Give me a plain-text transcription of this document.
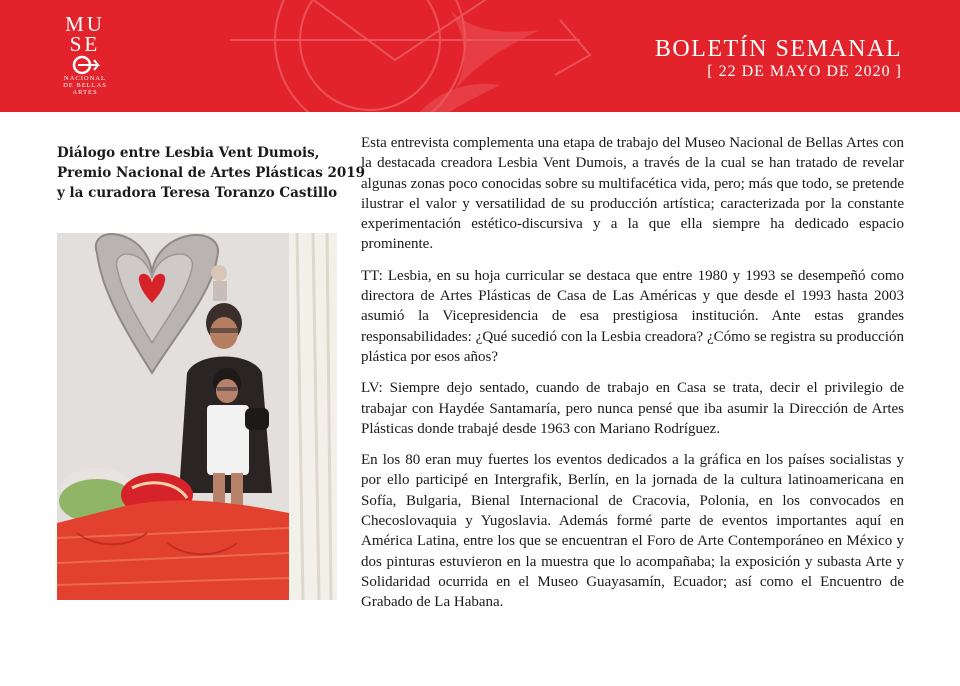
MU
SE
NACIONAL
DE BELLAS
ARTES
BOLETÍN SEMANAL
[ 22 DE MAYO DE 2020 ]
Diálogo entre Lesbia Vent Dumois,
Premio Nacional de Artes Plásticas 2019
y la curadora Teresa Toranzo Castillo

Esta entrevista complementa una etapa de trabajo del Museo Nacional de Bellas Artes con la destacada creadora Lesbia Vent Dumois, a través de la cual se han tratado de revelar algunas zonas poco conocidas sobre su multifacética vida, pero; más que todo, se pretende ilustrar el valor y versatilidad de su producción artística; caracterizada por la constante experimentación estético-discursiva y a la que ella siempre ha dedicado espacio prominente.

TT: Lesbia, en su hoja curricular se destaca que entre 1980 y 1993 se desempeñó como directora de Artes Plásticas de Casa de Las Américas y que desde el 1993 hasta 2003 asumió la Vicepresidencia de esa prestigiosa institución. Ante estas grandes responsabilidades: ¿Qué sucedió con la Lesbia creadora? ¿Cómo se registra su producción plástica por esos años?

LV: Siempre dejo sentado, cuando de trabajo en Casa se trata, decir el privilegio de trabajar con Haydée Santamaría, pero nunca pensé que iba asumir la Dirección de Artes Plásticas donde trabajé desde 1963 con Mariano Rodríguez.

En los 80 eran muy fuertes los eventos dedicados a la gráfica en los países socialistas y por ello participé en Intergrafik, Berlín, en la jornada de la cultura latinoamericana en Sofía, Bulgaria, Bienal Internacional de Cracovia, Polonia, en los convocados en Checoslovaquia y Yugoslavia. Además formé parte de eventos importantes aquí en América Latina, entre los que se encuentran el Foro de Arte Contemporáneo en México y dos pinturas estuvieron en la muestra que lo acompañaba; la exposición y subasta Arte y Solidaridad ocurrida en el Museo Guayasamín, Ecuador; así como el Encuentro de Grabado de La Habana.
